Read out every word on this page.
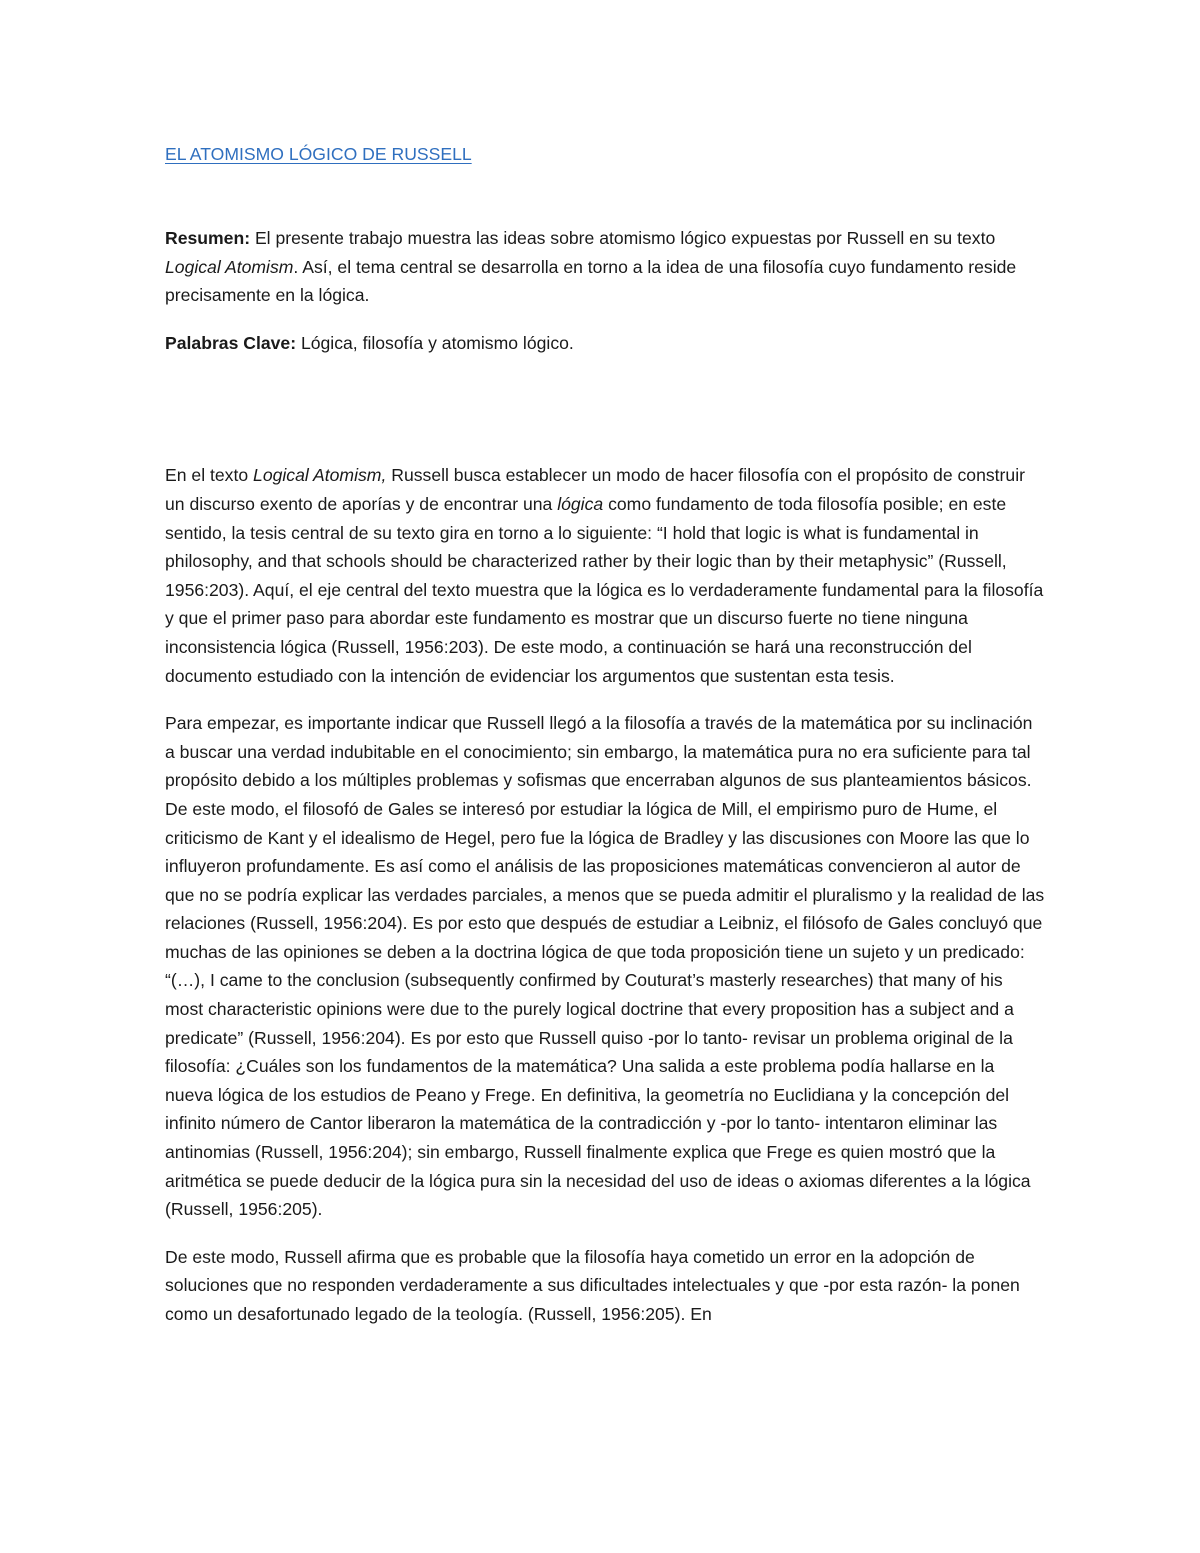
EL ATOMISMO LÓGICO DE RUSSELL

Resumen: El presente trabajo muestra las ideas sobre atomismo lógico expuestas por Russell en su texto Logical Atomism. Así, el tema central se desarrolla en torno a la idea de una filosofía cuyo fundamento reside precisamente en la lógica.

Palabras Clave: Lógica, filosofía y atomismo lógico.

En el texto Logical Atomism, Russell busca establecer un modo de hacer filosofía con el propósito de construir un discurso exento de aporías y de encontrar una lógica como fundamento de toda filosofía posible; en este sentido, la tesis central de su texto gira en torno a lo siguiente: “I hold that logic is what is fundamental in philosophy, and that schools should be characterized rather by their logic than by their metaphysic” (Russell, 1956:203). Aquí, el eje central del texto muestra que la lógica es lo verdaderamente fundamental para la filosofía y que el primer paso para abordar este fundamento es mostrar que un discurso fuerte no tiene ninguna inconsistencia lógica (Russell, 1956:203). De este modo, a continuación se hará una reconstrucción del documento estudiado con la intención de evidenciar los argumentos que sustentan esta tesis.

Para empezar, es importante indicar que Russell llegó a la filosofía a través de la matemática por su inclinación a buscar una verdad indubitable en el conocimiento; sin embargo, la matemática pura no era suficiente para tal propósito debido a los múltiples problemas y sofismas que encerraban algunos de sus planteamientos básicos. De este modo, el filosofó de Gales se interesó por estudiar la lógica de Mill, el empirismo puro de Hume, el criticismo de Kant y el idealismo de Hegel, pero fue la lógica de Bradley y las discusiones con Moore las que lo influyeron profundamente. Es así como el análisis de las proposiciones matemáticas convencieron al autor de que no se podría explicar las verdades parciales, a menos que se pueda admitir el pluralismo y la realidad de las relaciones (Russell, 1956:204). Es por esto que después de estudiar a Leibniz, el filósofo de Gales concluyó que muchas de las opiniones se deben a la doctrina lógica de que toda proposición tiene un sujeto y un predicado: “(…), I came to the conclusion (subsequently confirmed by Couturat’s masterly researches) that many of his most characteristic opinions were due to the purely logical doctrine that every proposition has a subject and a predicate” (Russell, 1956:204). Es por esto que Russell quiso -por lo tanto- revisar un problema original de la filosofía: ¿Cuáles son los fundamentos de la matemática? Una salida a este problema podía hallarse en la nueva lógica de los estudios de Peano y Frege. En definitiva, la geometría no Euclidiana y la concepción del infinito número de Cantor liberaron la matemática de la contradicción y -por lo tanto- intentaron eliminar las antinomias (Russell, 1956:204); sin embargo, Russell finalmente explica que Frege es quien mostró que la aritmética se puede deducir de la lógica pura sin la necesidad del uso de ideas o axiomas diferentes a la lógica (Russell, 1956:205).

De este modo, Russell afirma que es probable que la filosofía haya cometido un error en la adopción de soluciones que no responden verdaderamente a sus dificultades intelectuales y que -por esta razón- la ponen como un desafortunado legado de la teología. (Russell, 1956:205). En
